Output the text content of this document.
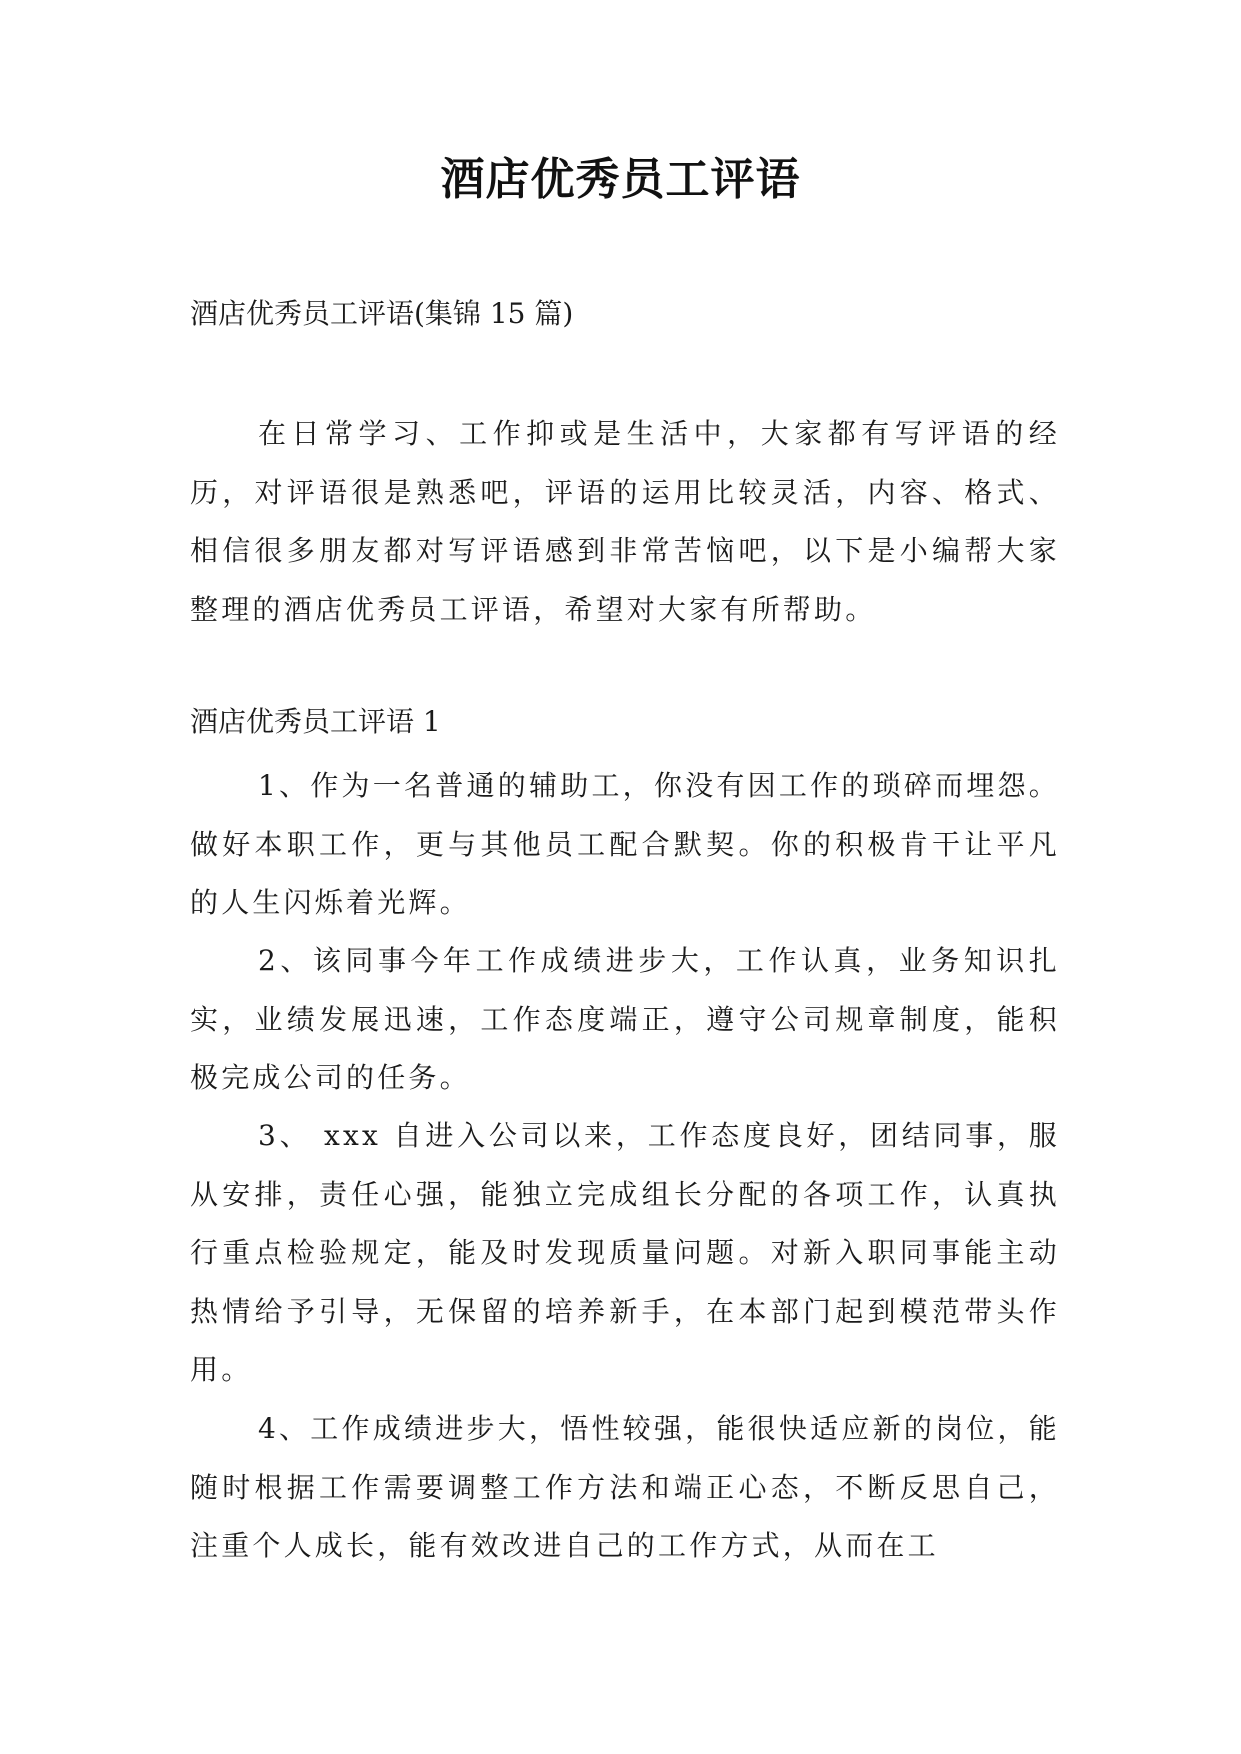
酒店优秀员工评语

酒店优秀员工评语(集锦 15 篇)

在日常学习、工作抑或是生活中，大家都有写评语的经历，对评语很是熟悉吧，评语的运用比较灵活，内容、格式、相信很多朋友都对写评语感到非常苦恼吧，以下是小编帮大家整理的酒店优秀员工评语，希望对大家有所帮助。

酒店优秀员工评语 1

1、作为一名普通的辅助工，你没有因工作的琐碎而埋怨。做好本职工作，更与其他员工配合默契。你的积极肯干让平凡的人生闪烁着光辉。

2、该同事今年工作成绩进步大，工作认真，业务知识扎实，业绩发展迅速，工作态度端正，遵守公司规章制度，能积极完成公司的任务。

3、 xxx 自进入公司以来，工作态度良好，团结同事，服从安排，责任心强，能独立完成组长分配的各项工作，认真执行重点检验规定，能及时发现质量问题。对新入职同事能主动热情给予引导，无保留的培养新手，在本部门起到模范带头作用。

4、工作成绩进步大，悟性较强，能很快适应新的岗位，能随时根据工作需要调整工作方法和端正心态，不断反思自己，注重个人成长，能有效改进自己的工作方式，从而在工
